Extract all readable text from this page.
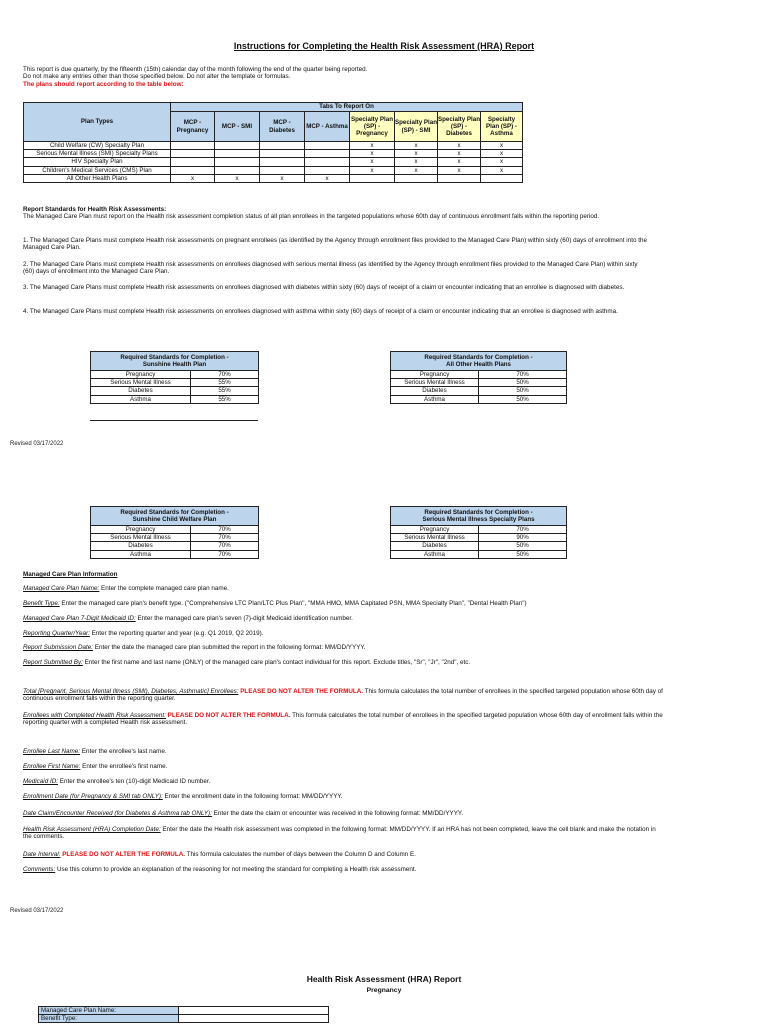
Instructions for Completing the Health Risk Assessment (HRA) Report
This report is due quarterly, by the fifteenth (15th) calendar day of the month following the end of the quarter being reported.
Do not make any entries other than those specified below. Do not alter the template or formulas.
The plans should report according to the table below:
Plan Types	Tabs To Report On							
	MCP - Pregnancy	MCP - SMI	MCP - Diabetes	MCP - Asthma	Specialty Plan (SP) - Pregnancy	Specialty Plan (SP) - SMI	Specialty Plan (SP) - Diabetes	Specialty Plan (SP) - Asthma
Child Welfare (CW) Specialty Plan					x	x	x	x
Serious Mental Illness (SMI) Specialty Plans					x	x	x	x
HIV Specialty Plan					x	x	x	x
Children's Medical Services (CMS) Plan					x	x	x	x
All Other Health Plans	x	x	x	x				
Report Standards for Health Risk Assessments:
The Managed Care Plan must report on the Health risk assessment completion status of all plan enrollees in the targeted populations whose 60th day of continuous enrollment falls within the reporting period.
1. The Managed Care Plans must complete Health risk assessments on pregnant enrollees (as identified by the Agency through enrollment files provided to the Managed Care Plan) within sixty (60) days of enrollment into the Managed Care Plan.
2. The Managed Care Plans must complete Health risk assessments on enrollees diagnosed with serious mental illness (as identified by the Agency through enrollment files provided to the Managed Care Plan) within sixty (60) days of enrollment into the Managed Care Plan.
3. The Managed Care Plans must complete Health risk assessments on enrollees diagnosed with diabetes within sixty (60) days of receipt of a claim or encounter indicating that an enrollee is diagnosed with diabetes.
4. The Managed Care Plans must complete Health risk assessments on enrollees diagnosed with asthma within sixty (60) days of receipt of a claim or encounter indicating that an enrollee is diagnosed with asthma.
Required Standards for Completion -
Sunshine Health Plan	
Pregnancy	70%
Serious Mental Illness	55%
Diabetes	55%
Asthma	55%
Required Standards for Completion -
All Other Health Plans	
Pregnancy	70%
Serious Mental Illness	50%
Diabetes	50%
Asthma	50%
Revised 03/17/2022
Required Standards for Completion -
Sunshine Child Welfare Plan	
Pregnancy	70%
Serious Mental Illness	70%
Diabetes	70%
Asthma	70%
Required Standards for Completion -
Serious Mental Illness Specialty Plans	
Pregnancy	70%
Serious Mental Illness	90%
Diabetes	50%
Asthma	50%
Managed Care Plan Information
Managed Care Plan Name: Enter the complete managed care plan name.
Benefit Type: Enter the managed care plan's benefit type. ("Comprehensive LTC Plan/LTC Plus Plan", "MMA HMO, MMA Capitated PSN, MMA Specialty Plan", "Dental Health Plan")
Managed Care Plan 7-Digit Medicaid ID: Enter the managed care plan's seven (7)-digit Medicaid identification number.
Reporting Quarter/Year: Enter the reporting quarter and year (e.g. Q1 2019, Q2 2019).
Report Submission Date: Enter the date the managed care plan submitted the report in the following format: MM/DD/YYYY.
Report Submitted By: Enter the first name and last name (ONLY) of the managed care plan's contact individual for this report. Exclude titles, "Sr", "Jr", "2nd", etc.
Total [Pregnant, Serious Mental Illness (SMI), Diabetes, Asthmatic] Enrollees: PLEASE DO NOT ALTER THE FORMULA. This formula calculates the total number of enrollees in the specified targeted population whose 60th day of continuous enrollment falls within the reporting quarter.
Enrollees with Completed Health Risk Assessment: PLEASE DO NOT ALTER THE FORMULA. This formula calculates the total number of enrollees in the specified targeted population whose 60th day of enrollment falls within the reporting quarter with a completed Health risk assessment.
Enrollee Last Name: Enter the enrollee's last name.
Enrollee First Name: Enter the enrollee's first name.
Medicaid ID: Enter the enrollee's ten (10)-digit Medicaid ID number.
Enrollment Date (for Pregnancy & SMI tab ONLY): Enter the enrollment date in the following format: MM/DD/YYYY.
Date Claim/Encounter Received (for Diabetes & Asthma tab ONLY): Enter the date the claim or encounter was received in the following format: MM/DD/YYYY.
Health Risk Assessment (HRA) Completion Date: Enter the date the Health risk assessment was completed in the following format: MM/DD/YYYY. If an HRA has not been completed, leave the cell blank and make the notation in the comments.
Date Interval: PLEASE DO NOT ALTER THE FORMULA. This formula calculates the number of days between the Column D and Column E.
Comments: Use this column to provide an explanation of the reasoning for not meeting the standard for completing a Health risk assessment.
Revised 03/17/2022
Health Risk Assessment (HRA) Report
Pregnancy
Managed Care Plan Name:	
Benefit Type:	
